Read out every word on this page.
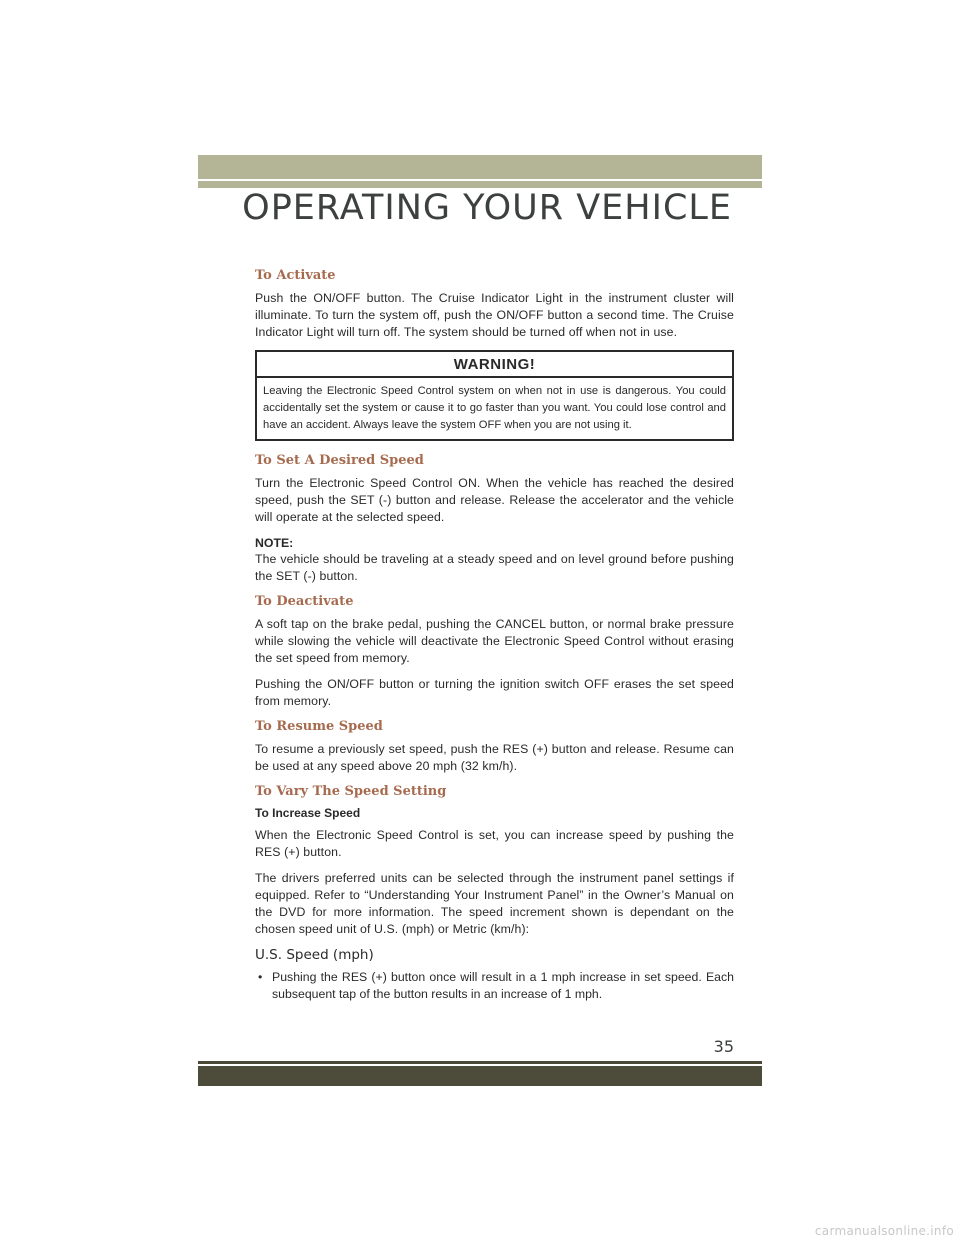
OPERATING YOUR VEHICLE
To Activate

Push the ON/OFF button. The Cruise Indicator Light in the instrument cluster will illuminate. To turn the system off, push the ON/OFF button a second time. The Cruise Indicator Light will turn off. The system should be turned off when not in use.

WARNING!
Leaving the Electronic Speed Control system on when not in use is dangerous. You could accidentally set the system or cause it to go faster than you want. You could lose control and have an accident. Always leave the system OFF when you are not using it.
To Set A Desired Speed

Turn the Electronic Speed Control ON. When the vehicle has reached the desired speed, push the SET (-) button and release. Release the accelerator and the vehicle will operate at the selected speed.

NOTE:

The vehicle should be traveling at a steady speed and on level ground before pushing the SET (-) button.

To Deactivate

A soft tap on the brake pedal, pushing the CANCEL button, or normal brake pressure while slowing the vehicle will deactivate the Electronic Speed Control without erasing the set speed from memory.

Pushing the ON/OFF button or turning the ignition switch OFF erases the set speed from memory.

To Resume Speed

To resume a previously set speed, push the RES (+) button and release. Resume can be used at any speed above 20 mph (32 km/h).

To Vary The Speed Setting
To Increase Speed

When the Electronic Speed Control is set, you can increase speed by pushing the RES (+) button.

The drivers preferred units can be selected through the instrument panel settings if equipped. Refer to “Understanding Your Instrument Panel” in the Owner’s Manual on the DVD for more information. The speed increment shown is dependant on the chosen speed unit of U.S. (mph) or Metric (km/h):

U.S. Speed (mph)
• Pushing the RES (+) button once will result in a 1 mph increase in set speed. Each subsequent tap of the button results in an increase of 1 mph.
35
carmanualsonline.info
